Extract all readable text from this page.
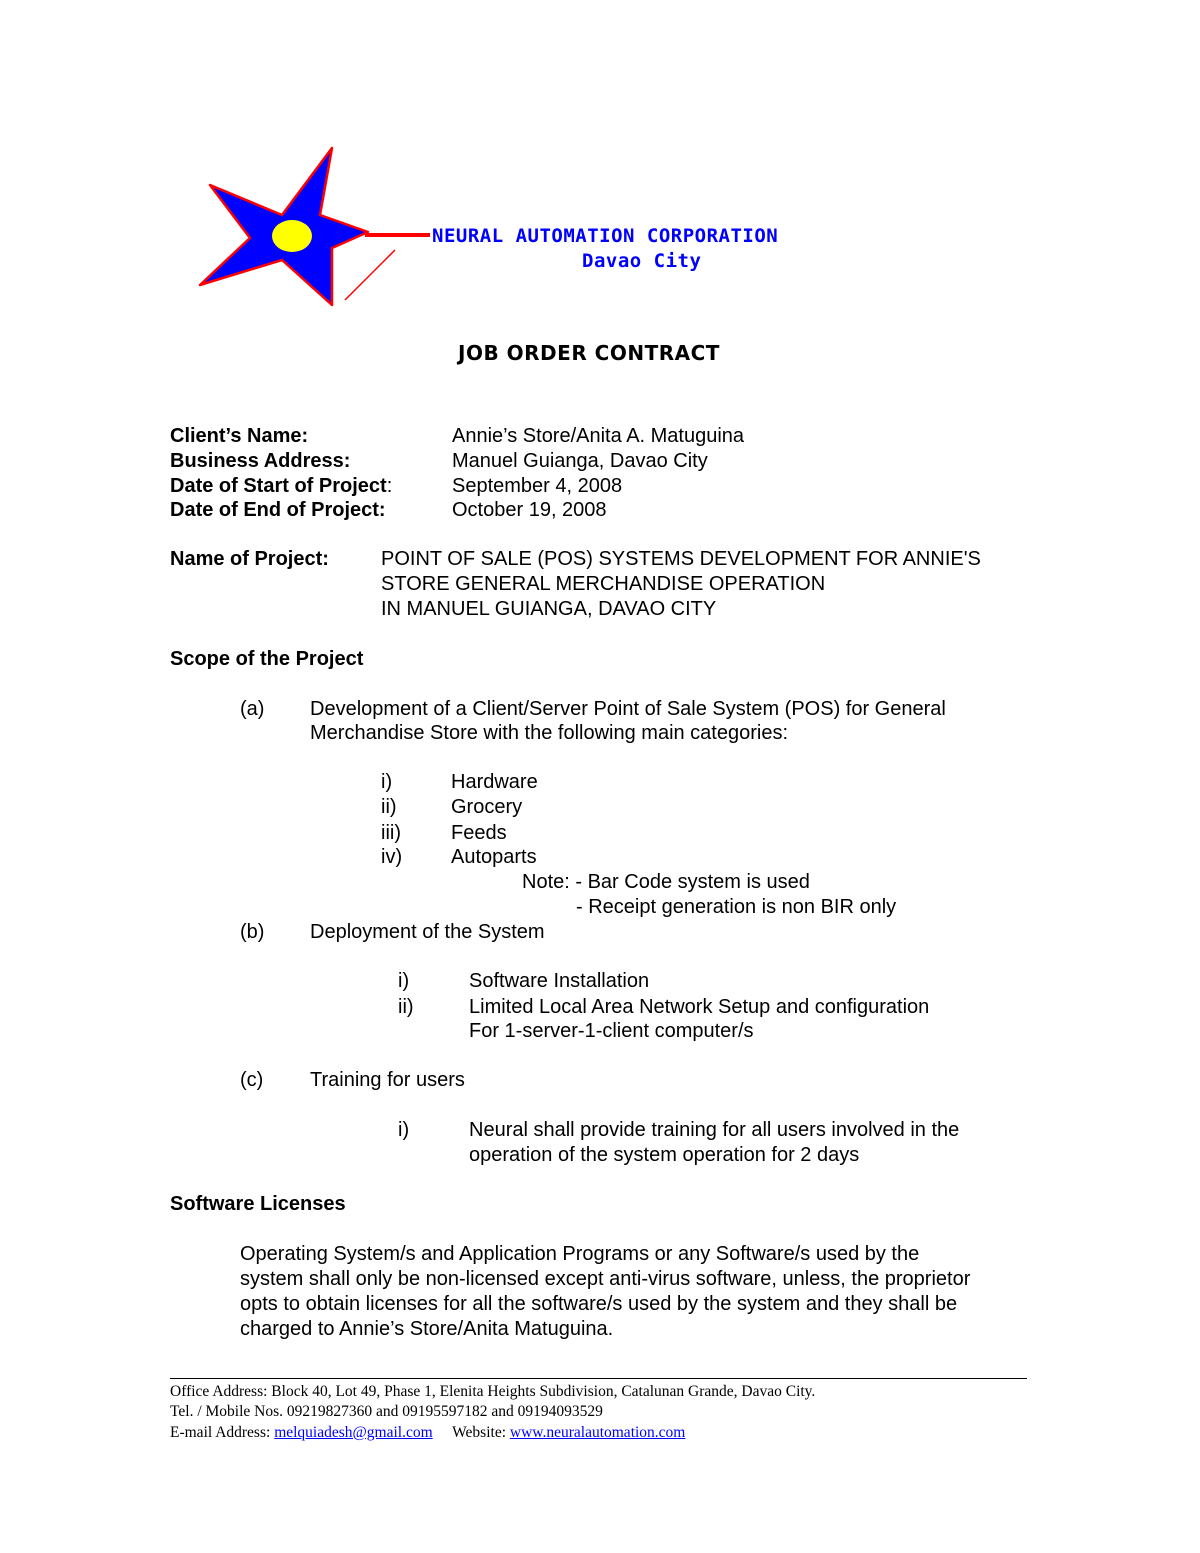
NEURAL AUTOMATION CORPORATION
Davao City
JOB ORDER CONTRACT
Client’s Name:	Annie’s Store/Anita A. Matuguina
Business Address:	Manuel Guianga, Davao City
Date of Start of Project:	September 4, 2008
Date of End of Project:	October 19, 2008
Name of Project:	POINT OF SALE (POS) SYSTEMS DEVELOPMENT FOR ANNIE'S
STORE GENERAL MERCHANDISE OPERATION
IN MANUEL GUIANGA, DAVAO CITY
Scope of the Project
(a) Development of a Client/Server Point of Sale System (POS) for General
Merchandise Store with the following main categories:
i)	Hardware
ii)	Grocery
iii)	Feeds
iv) Autoparts
Note: - Bar Code system is used
- Receipt generation is non BIR only
(b) Deployment of the System
i)	Software Installation
ii)	Limited Local Area Network Setup and configuration
For 1-server-1-client computer/s
(c) Training for users
i)	Neural shall provide training for all users involved in the
operation of the system operation for 2 days
Software Licenses
Operating System/s and Application Programs or any Software/s used by the
system shall only be non-licensed except anti-virus software, unless, the proprietor
opts to obtain licenses for all the software/s used by the system and they shall be
charged to Annie’s Store/Anita Matuguina.
Office Address: Block 40, Lot 49, Phase 1, Elenita Heights Subdivision, Catalunan Grande, Davao City.
Tel. / Mobile Nos. 09219827360 and 09195597182 and 09194093529
E-mail Address: melquiadesh@gmail.com Website: www.neuralautomation.com
